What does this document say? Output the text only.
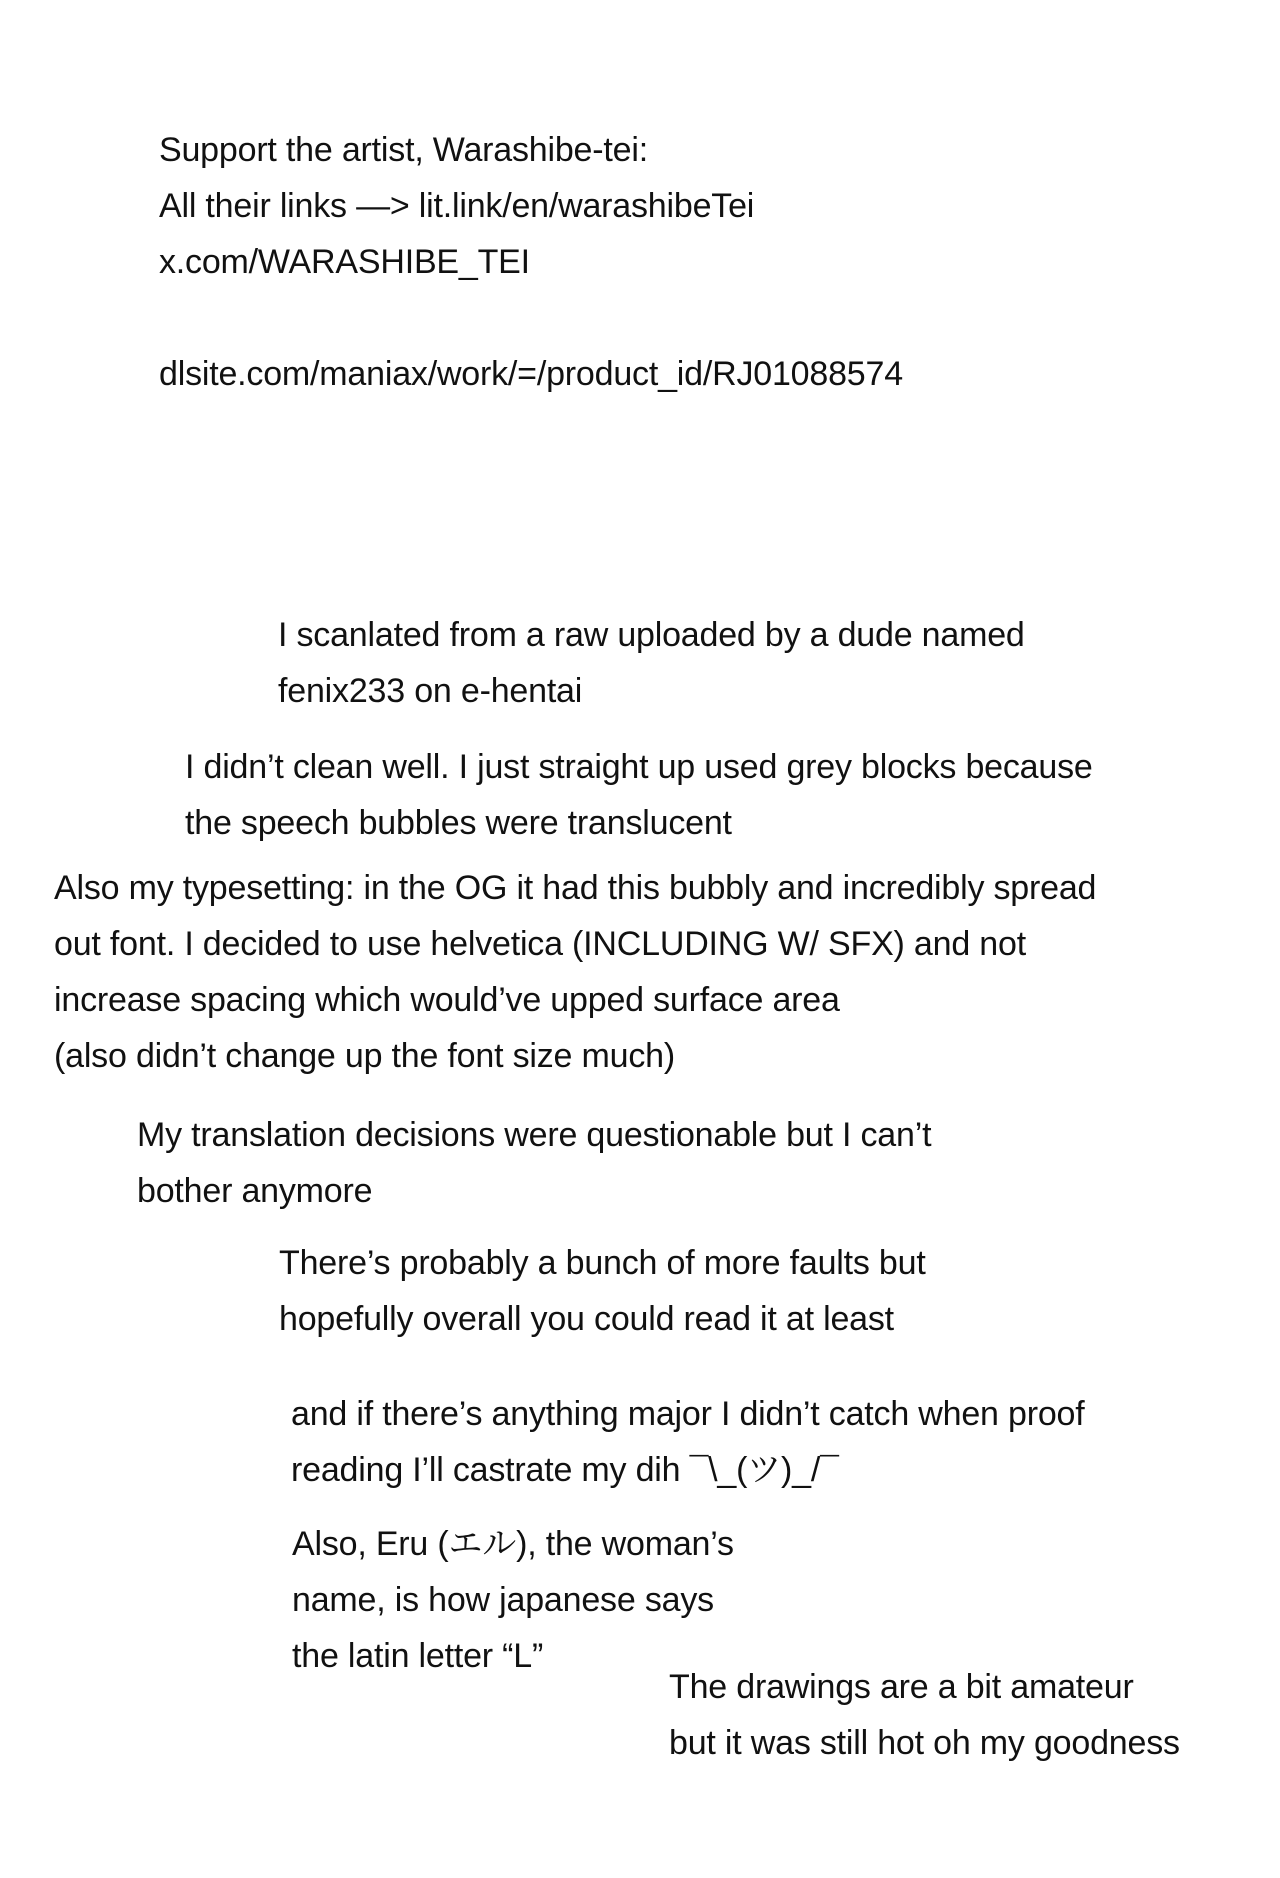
Support the artist, Warashibe-tei:
All their links —> lit.link/en/warashibeTei
x.com/WARASHIBE_TEI
dlsite.com/maniax/work/=/product_id/RJ01088574
I scanlated from a raw uploaded by a dude named
fenix233 on e-hentai
I didn’t clean well. I just straight up used grey blocks because
the speech bubbles were translucent
Also my typesetting: in the OG it had this bubbly and incredibly spread
out font. I decided to use helvetica (INCLUDING W/ SFX) and not
increase spacing which would’ve upped surface area
(also didn’t change up the font size much)
My translation decisions were questionable but I can’t
bother anymore
There’s probably a bunch of more faults but
hopefully overall you could read it at least
and if there’s anything major I didn’t catch when proof
reading I’ll castrate my dih ¯\_(ツ)_/¯
Also, Eru (エル), the woman’s
name, is how japanese says
the latin letter “L”
The drawings are a bit amateur
but it was still hot oh my goodness
